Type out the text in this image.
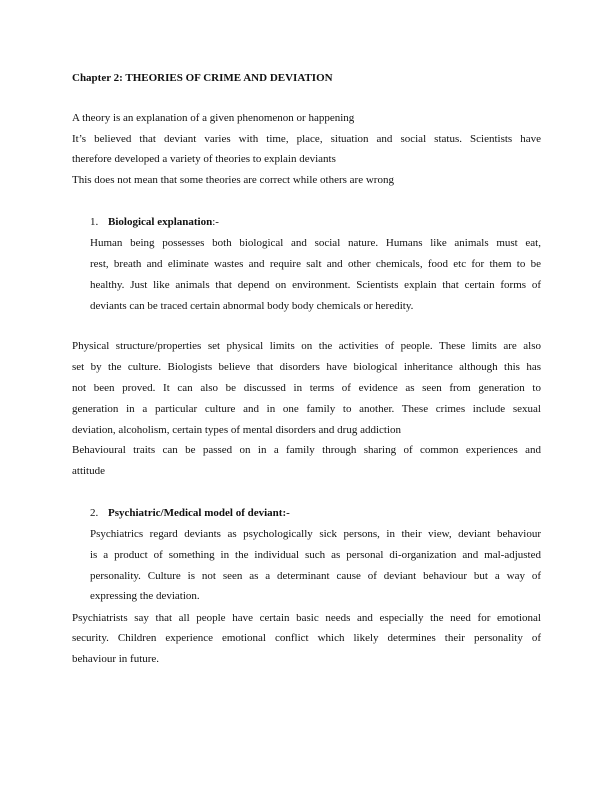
Chapter 2: THEORIES OF CRIME AND DEVIATION
A theory is an explanation of a given phenomenon or happening
It’s believed that deviant varies with time, place, situation and social status. Scientists have
therefore developed a variety of theories to explain deviants
This does not mean that some theories are correct while others are wrong
1. Biological explanation:-
Human being possesses both biological and social nature. Humans like animals must eat,
rest, breath and eliminate wastes and require salt and other chemicals, food etc for them to be
healthy. Just like animals that depend on environment. Scientists explain that certain forms of
deviants can be traced certain abnormal body body chemicals or heredity.
Physical structure/properties set physical limits on the activities of people. These limits are also
set by the culture. Biologists believe that disorders have biological inheritance although this has
not been proved. It can also be discussed in terms of evidence as seen from generation to
generation in a particular culture and in one family to another. These crimes include sexual
deviation, alcoholism, certain types of mental disorders and drug addiction
Behavioural traits can be passed on in a family through sharing of common experiences and
attitude
2. Psychiatric/Medical model of deviant:-
Psychiatrics regard deviants as psychologically sick persons, in their view, deviant behaviour
is a product of something in the individual such as personal di-organization and mal-adjusted
personality. Culture is not seen as a determinant cause of deviant behaviour but a way of
expressing the deviation.
Psychiatrists say that all people have certain basic needs and especially the need for emotional
security. Children experience emotional conflict which likely determines their personality of
behaviour in future.
